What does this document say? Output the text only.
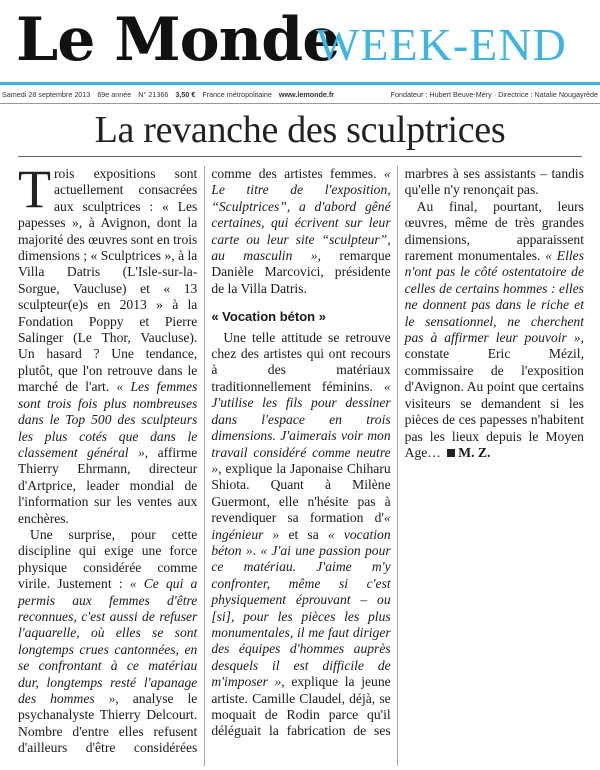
Le Monde
WEEK-END
Samedi 28 septembre 2013 69e année N° 21366 3,50 € France métropolitaine www.lemonde.fr	Fondateur : Hubert Beuve-Méry · Directrice : Natalie Nougayrède
La revanche des sculptrices

Trois expositions sont actuellement consacrées aux sculptrices : « Les papesses », à Avignon, dont la majorité des œuvres sont en trois dimensions ; « Sculptrices », à la Villa Datris (L'Isle-sur-la-Sorgue, Vaucluse) et « 13 sculpteur(e)s en 2013 » à la Fondation Poppy et Pierre Salinger (Le Thor, Vaucluse). Un hasard ? Une tendance, plutôt, que l'on retrouve dans le marché de l'art. « Les femmes sont trois fois plus nombreuses dans le Top 500 des sculpteurs les plus cotés que dans le classement général », affirme Thierry Ehrmann, directeur d'Artprice, leader mondial de l'information sur les ventes aux enchères.

Une surprise, pour cette discipline qui exige une force physique considérée comme virile. Justement : « Ce qui a permis aux femmes d'être reconnues, c'est aussi de refuser l'aquarelle, où elles se sont longtemps crues cantonnées, en se confrontant à ce matériau dur, longtemps resté l'apanage des hommes », analyse le psychanalyste Thierry Delcourt. Nombre d'entre elles refusent d'ailleurs d'être considérées comme des artistes femmes. « Le titre de l'exposition, “Sculptrices”, a d'abord gêné certaines, qui écrivent sur leur carte ou leur site “sculpteur”, au masculin », remarque Danièle Marcovici, présidente de la Villa Datris.

« Vocation béton »

Une telle attitude se retrouve chez des artistes qui ont recours à des matériaux traditionnellement féminins. « J'utilise les fils pour dessiner dans l'espace en trois dimensions. J'aimerais voir mon travail considéré comme neutre », explique la Japonaise Chiharu Shiota. Quant à Milène Guermont, elle n'hésite pas à revendiquer sa formation d'« ingénieur » et sa « vocation béton ». « J'ai une passion pour ce matériau. J'aime m'y confronter, même si c'est physiquement éprouvant – ou [si], pour les pièces les plus monumentales, il me faut diriger des équipes d'hommes auprès desquels il est difficile de m'imposer », explique la jeune artiste. Camille Claudel, déjà, se moquait de Rodin parce qu'il déléguait la fabrication de ses marbres à ses assistants – tandis qu'elle n'y renonçait pas.

Au final, pourtant, leurs œuvres, même de très grandes dimensions, apparaissent rarement monumentales. « Elles n'ont pas le côté ostentatoire de celles de certains hommes : elles ne donnent pas dans le riche et le sensationnel, ne cherchent pas à affirmer leur pouvoir », constate Eric Mézil, commissaire de l'exposition d'Avignon. Au point que certains visiteurs se demandent si les pièces de ces papesses n'habitent pas les lieux depuis le Moyen Age… M. Z.
